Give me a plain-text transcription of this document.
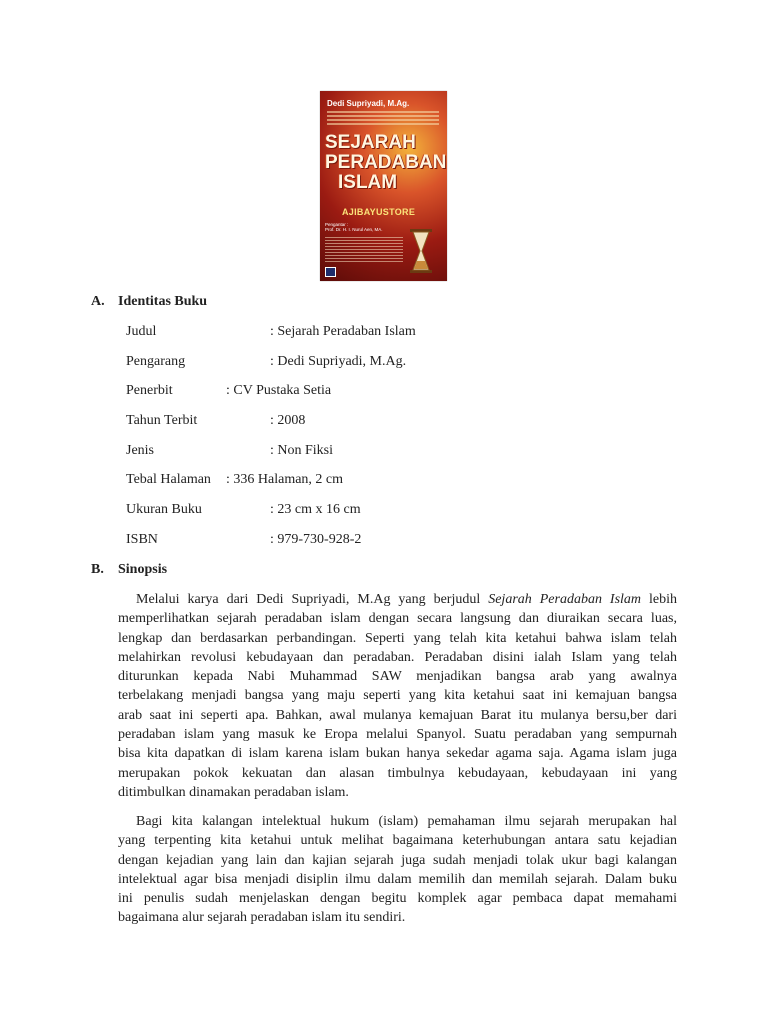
Dedi Supriyadi, M.Ag.
SEJARAH
PERADABAN
ISLAM
AJIBAYUSTORE
Pengantar :
Prof. Dr. H. I. Nurul Aen, MA.
A. Identitas Buku
Judul	: Sejarah Peradaban Islam
Pengarang	: Dedi Supriyadi, M.Ag.
Penerbit	: CV Pustaka Setia
Tahun Terbit	: 2008
Jenis	: Non Fiksi
Tebal Halaman : 336 Halaman, 2 cm
Ukuran Buku	: 23 cm x 16 cm
ISBN	: 979-730-928-2
B. Sinopsis
Melalui karya dari Dedi Supriyadi, M.Ag yang berjudul Sejarah Peradaban Islam lebih
memperlihatkan sejarah peradaban islam dengan secara langsung dan diuraikan secara luas,
lengkap dan berdasarkan perbandingan. Seperti yang telah kita ketahui bahwa islam telah
melahirkan revolusi kebudayaan dan peradaban. Peradaban disini ialah Islam yang telah
diturunkan kepada Nabi Muhammad SAW menjadikan bangsa arab yang awalnya
terbelakang menjadi bangsa yang maju seperti yang kita ketahui saat ini kemajuan bangsa
arab saat ini seperti apa. Bahkan, awal mulanya kemajuan Barat itu mulanya bersu,ber dari
peradaban islam yang masuk ke Eropa melalui Spanyol. Suatu peradaban yang sempurnah
bisa kita dapatkan di islam karena islam bukan hanya sekedar agama saja. Agama islam juga
merupakan pokok kekuatan dan alasan timbulnya kebudayaan, kebudayaan ini yang
ditimbulkan dinamakan peradaban islam.
Bagi kita kalangan intelektual hukum (islam) pemahaman ilmu sejarah merupakan hal
yang terpenting kita ketahui untuk melihat bagaimana keterhubungan antara satu kejadian
dengan kejadian yang lain dan kajian sejarah juga sudah menjadi tolak ukur bagi kalangan
intelektual agar bisa menjadi disiplin ilmu dalam memilih dan memilah sejarah. Dalam buku
ini penulis sudah menjelaskan dengan begitu komplek agar pembaca dapat memahami
bagaimana alur sejarah peradaban islam itu sendiri.
